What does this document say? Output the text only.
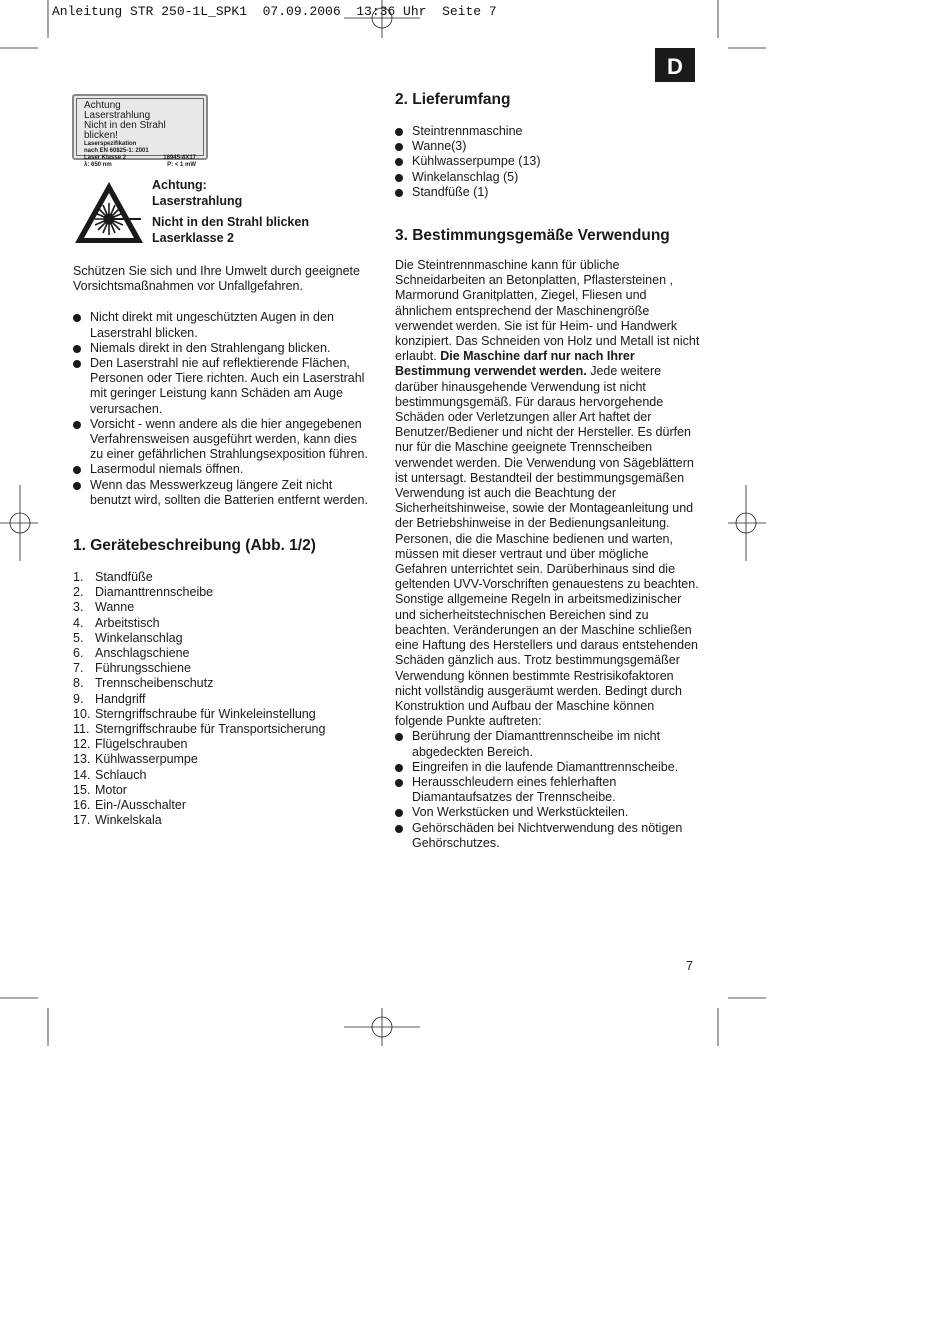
Anleitung STR 250-1L_SPK1  07.09.2006  13:36 Uhr  Seite 7
D
Achtung
Laserstrahlung
Nicht in den Strahl blicken!
Laserspezifikation
nach EN 60825-1: 2001
Laser Klasse 2	18945-8X17
λ: 650 nm	P: < 1 mW

Achtung:

Laserstrahlung

Nicht in den Strahl blicken

Laserklasse 2

Schützen Sie sich und Ihre Umwelt durch geeignete Vorsichtsmaßnahmen vor Unfallgefahren.

Nicht direkt mit ungeschützten Augen in den Laserstrahl blicken.
Niemals direkt in den Strahlengang blicken.
Den Laserstrahl nie auf reflektierende Flächen, Personen oder Tiere richten. Auch ein Laserstrahl mit geringer Leistung kann Schäden am Auge verursachen.
Vorsicht - wenn andere als die hier angegebenen Verfahrensweisen ausgeführt werden, kann dies zu einer gefährlichen Strahlungsexposition führen.
Lasermodul niemals öffnen.
Wenn das Messwerkzeug längere Zeit nicht benutzt wird, sollten die Batterien entfernt werden.
1. Gerätebeschreibung (Abb. 1/2)
1. Standfüße
2. Diamanttrennscheibe
3. Wanne
4. Arbeitstisch
5. Winkelanschlag
6. Anschlagschiene
7. Führungsschiene
8. Trennscheibenschutz
9. Handgriff
10. Sterngriffschraube für Winkeleinstellung
11. Sterngriffschraube für Transportsicherung
12. Flügelschrauben
13. Kühlwasserpumpe
14. Schlauch
15. Motor
16. Ein-/Ausschalter
17. Winkelskala
2. Lieferumfang
Steintrennmaschine
Wanne(3)
Kühlwasserpumpe (13)
Winkelanschlag (5)
Standfüße (1)
3. Bestimmungsgemäße Verwendung

Die Steintrennmaschine kann für übliche Schneidarbeiten an Betonplatten, Pflastersteinen , Marmorund Granitplatten, Ziegel, Fliesen und ähnlichem entsprechend der Maschinengröße verwendet werden. Sie ist für Heim- und Handwerk konzipiert. Das Schneiden von Holz und Metall ist nicht erlaubt. Die Maschine darf nur nach Ihrer Bestimmung verwendet werden. Jede weitere darüber hinausgehende Verwendung ist nicht bestimmungsgemäß. Für daraus hervorgehende Schäden oder Verletzungen aller Art haftet der Benutzer/Bediener und nicht der Hersteller. Es dürfen nur für die Maschine geeignete Trennscheiben verwendet werden. Die Verwendung von Sägeblättern ist untersagt. Bestandteil der bestimmungsgemäßen Verwendung ist auch die Beachtung der Sicherheitshinweise, sowie der Montageanleitung und der Betriebshinweise in der Bedienungsanleitung. Personen, die die Maschine bedienen und warten, müssen mit dieser vertraut und über mögliche Gefahren unterrichtet sein. Darüberhinaus sind die geltenden UVV-Vorschriften genauestens zu beachten. Sonstige allgemeine Regeln in arbeitsmedizinischer und sicherheitstechnischen Bereichen sind zu beachten. Veränderungen an der Maschine schließen eine Haftung des Herstellers und daraus entstehenden Schäden gänzlich aus. Trotz bestimmungsgemäßer Verwendung können bestimmte Restrisikofaktoren nicht vollständig ausgeräumt werden. Bedingt durch Konstruktion und Aufbau der Maschine können folgende Punkte auftreten:

Berührung der Diamanttrennscheibe im nicht abgedeckten Bereich.
Eingreifen in die laufende Diamanttrennscheibe.
Herausschleudern eines fehlerhaften Diamantaufsatzes der Trennscheibe.
Von Werkstücken und Werkstückteilen.
Gehörschäden bei Nichtverwendung des nötigen Gehörschutzes.
7
